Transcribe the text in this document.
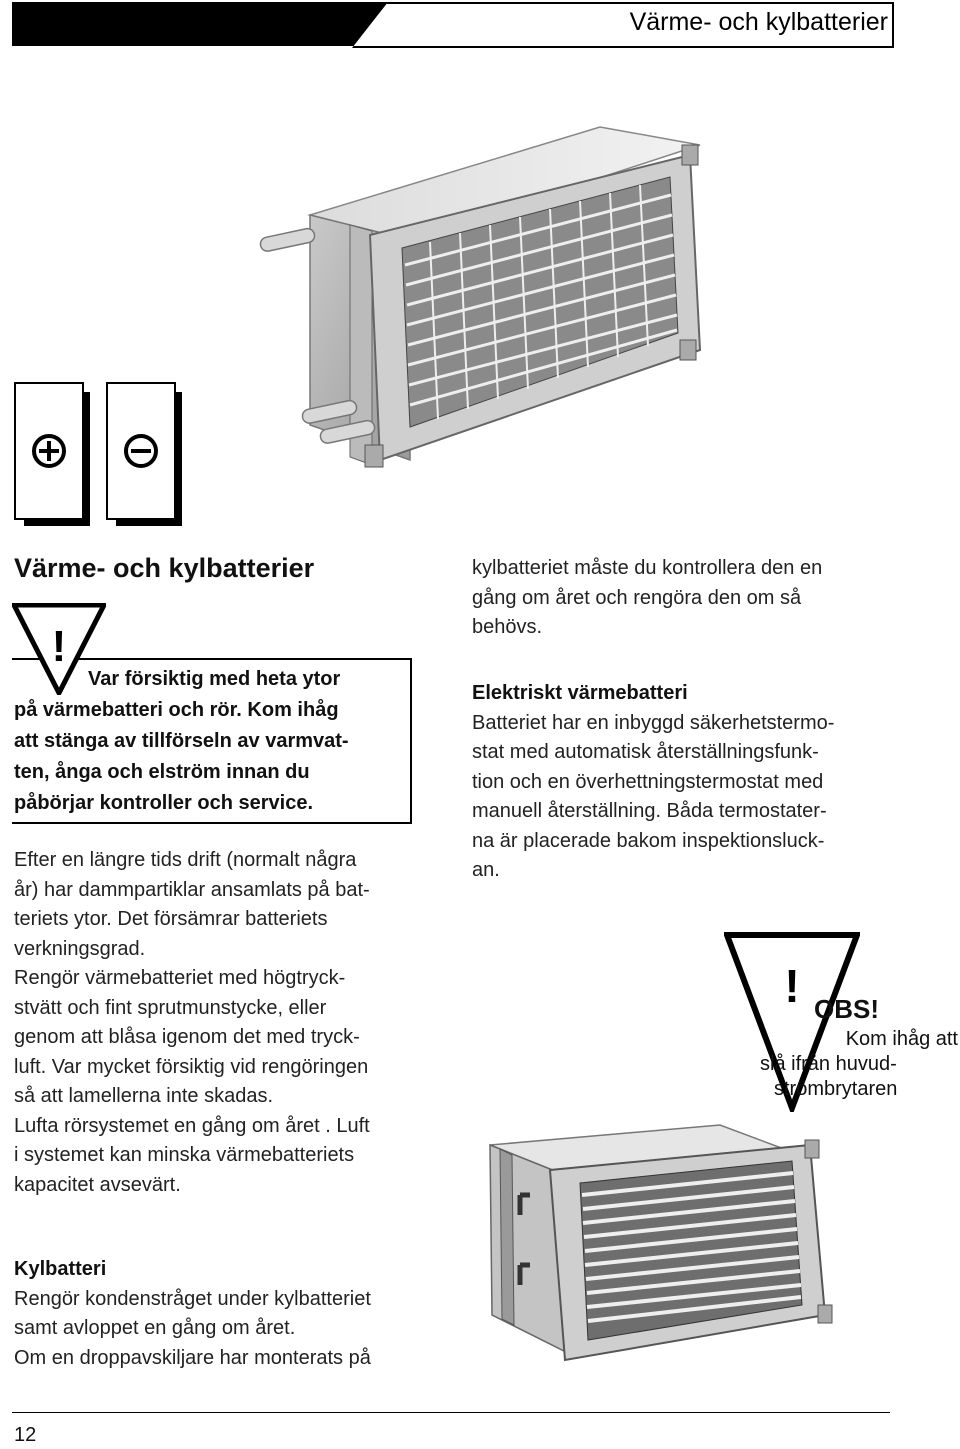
Värme- och kylbatterier
Värme- och kylbatterier
!
Var försiktig med heta ytor
på värmebatteri och rör. Kom ihåg
att stänga av tillförseln av varmvat-
ten, ånga och elström innan du
påbörjar kontroller och service.
Efter en längre tids drift (normalt några
år) har dammpartiklar ansamlats på bat-
teriets ytor. Det försämrar batteriets
verkningsgrad.
Rengör värmebatteriet med högtryck-
stvätt och fint sprutmunstycke, eller
genom att blåsa igenom det med tryck-
luft. Var mycket försiktig vid rengöringen
så att lamellerna inte skadas.
Lufta rörsystemet en gång om året . Luft
i systemet kan minska värmebatteriets
kapacitet avsevärt.
Kylbatteri
Rengör kondenstråget under kylbatteriet
samt avloppet en gång om året.
Om en droppavskiljare har monterats på
kylbatteriet måste du kontrollera den en
gång om året och rengöra den om så
behövs.
Elektriskt värmebatteri
Batteriet har en inbyggd säkerhetstermo-
stat med automatisk återställningsfunk-
tion och en överhettningstermostat med
manuell återställning. Båda termostater-
na är placerade bakom inspektionsluck-
an.
! OBS!
Kom ihåg att
slå ifrån huvud-
strömbrytaren
12
